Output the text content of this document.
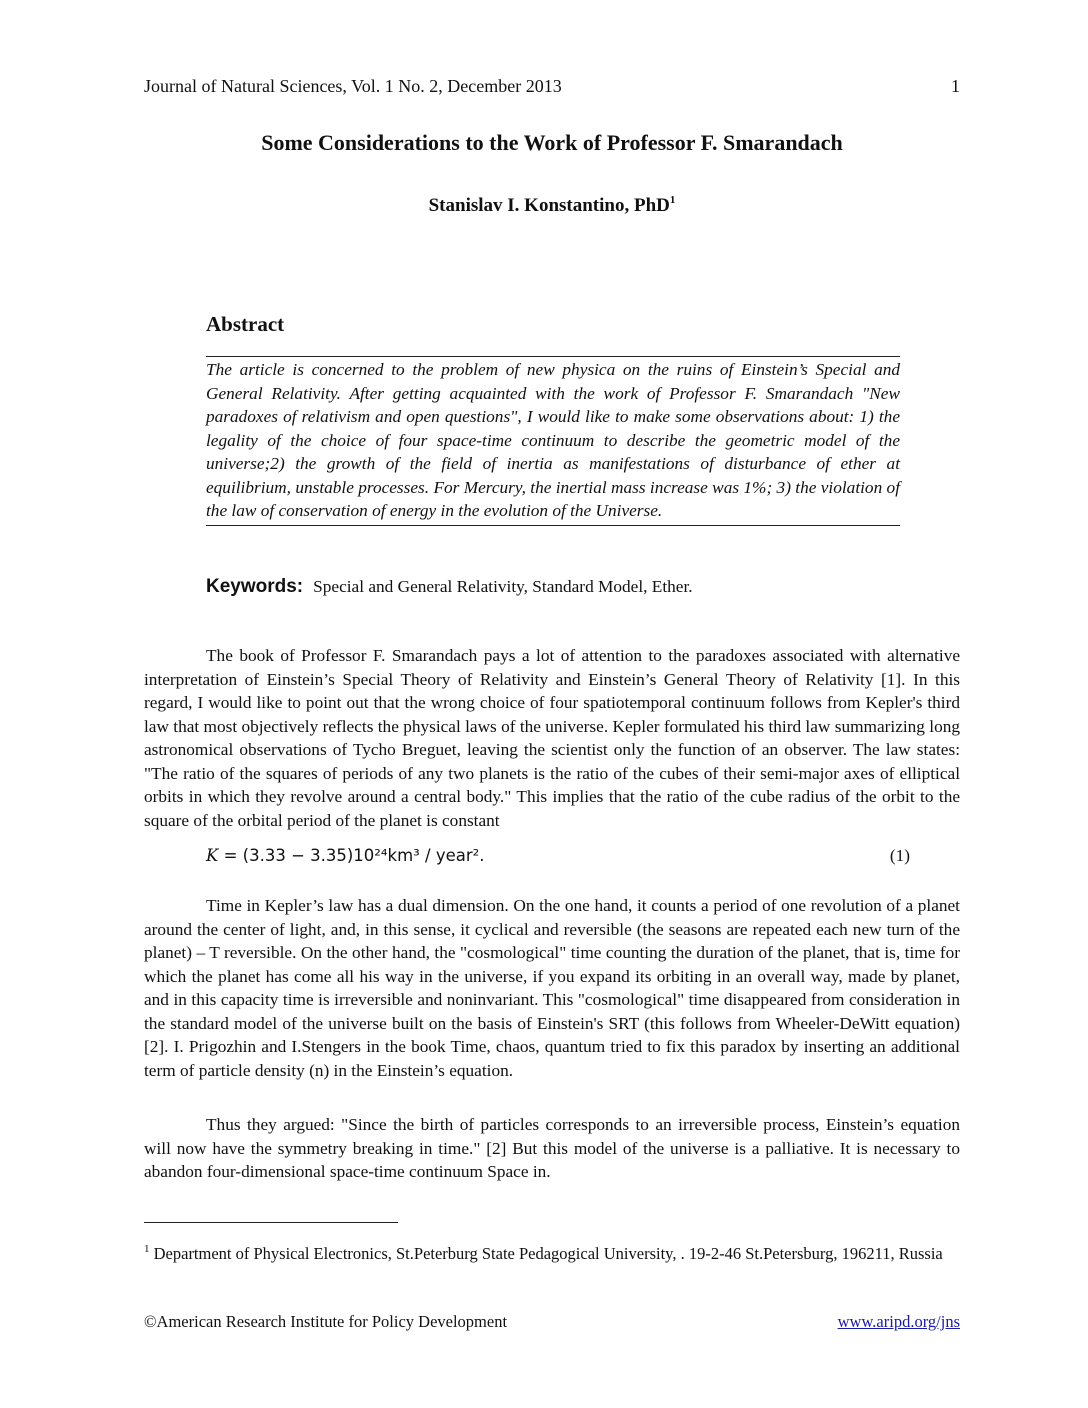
Journal of Natural Sciences, Vol. 1 No. 2, December 2013	1
Some Considerations to the Work of Professor F. Smarandach
Stanislav I. Konstantino, PhD$^1$
Abstract
The article is concerned to the problem of new physica on the ruins of Einstein’s Special and General Relativity. After getting acquainted with the work of Professor F. Smarandach "New paradoxes of relativism and open questions", I would like to make some observations about: 1) the legality of the choice of four space-time continuum to describe the geometric model of the universe;2) the growth of the field of inertia as manifestations of disturbance of ether at equilibrium, unstable processes. For Mercury, the inertial mass increase was 1%; 3) the violation of the law of conservation of energy in the evolution of the Universe.
Keywords: Special and General Relativity, Standard Model, Ether.

The book of Professor F. Smarandach pays a lot of attention to the paradoxes associated with alternative interpretation of Einstein’s Special Theory of Relativity and Einstein’s General Theory of Relativity [1]. In this regard, I would like to point out that the wrong choice of four spatiotemporal continuum follows from Kepler's third law that most objectively reflects the physical laws of the universe. Kepler formulated his third law summarizing long astronomical observations of Tycho Breguet, leaving the scientist only the function of an observer. The law states: "The ratio of the squares of periods of any two planets is the ratio of the cubes of their semi-major axes of elliptical orbits in which they revolve around a central body." This implies that the ratio of the cube radius of the orbit to the square of the orbital period of the planet is constant

K = (3.33 − 3.35)10²⁴km³ / year².	(1)

Time in Kepler’s law has a dual dimension. On the one hand, it counts a period of one revolution of a planet around the center of light, and, in this sense, it cyclical and reversible (the seasons are repeated each new turn of the planet) – T reversible. On the other hand, the "cosmological" time counting the duration of the planet, that is, time for which the planet has come all his way in the universe, if you expand its orbiting in an overall way, made by planet, and in this capacity time is irreversible and noninvariant. This "cosmological" time disappeared from consideration in the standard model of the universe built on the basis of Einstein's SRT (this follows from Wheeler-DeWitt equation) [2]. I. Prigozhin and I.Stengers in the book Time, chaos, quantum tried to fix this paradox by inserting an additional term of particle density (n) in the Einstein’s equation.

Thus they argued: "Since the birth of particles corresponds to an irreversible process, Einstein’s equation will now have the symmetry breaking in time." [2] But this model of the universe is a palliative. It is necessary to abandon four-dimensional space-time continuum Space in.

$^1$ Department of Physical Electronics, St.Peterburg State Pedagogical University, . 19-2-46 St.Petersburg, 196211, Russia
©American Research Institute for Policy Development	www.aripd.org/jns
